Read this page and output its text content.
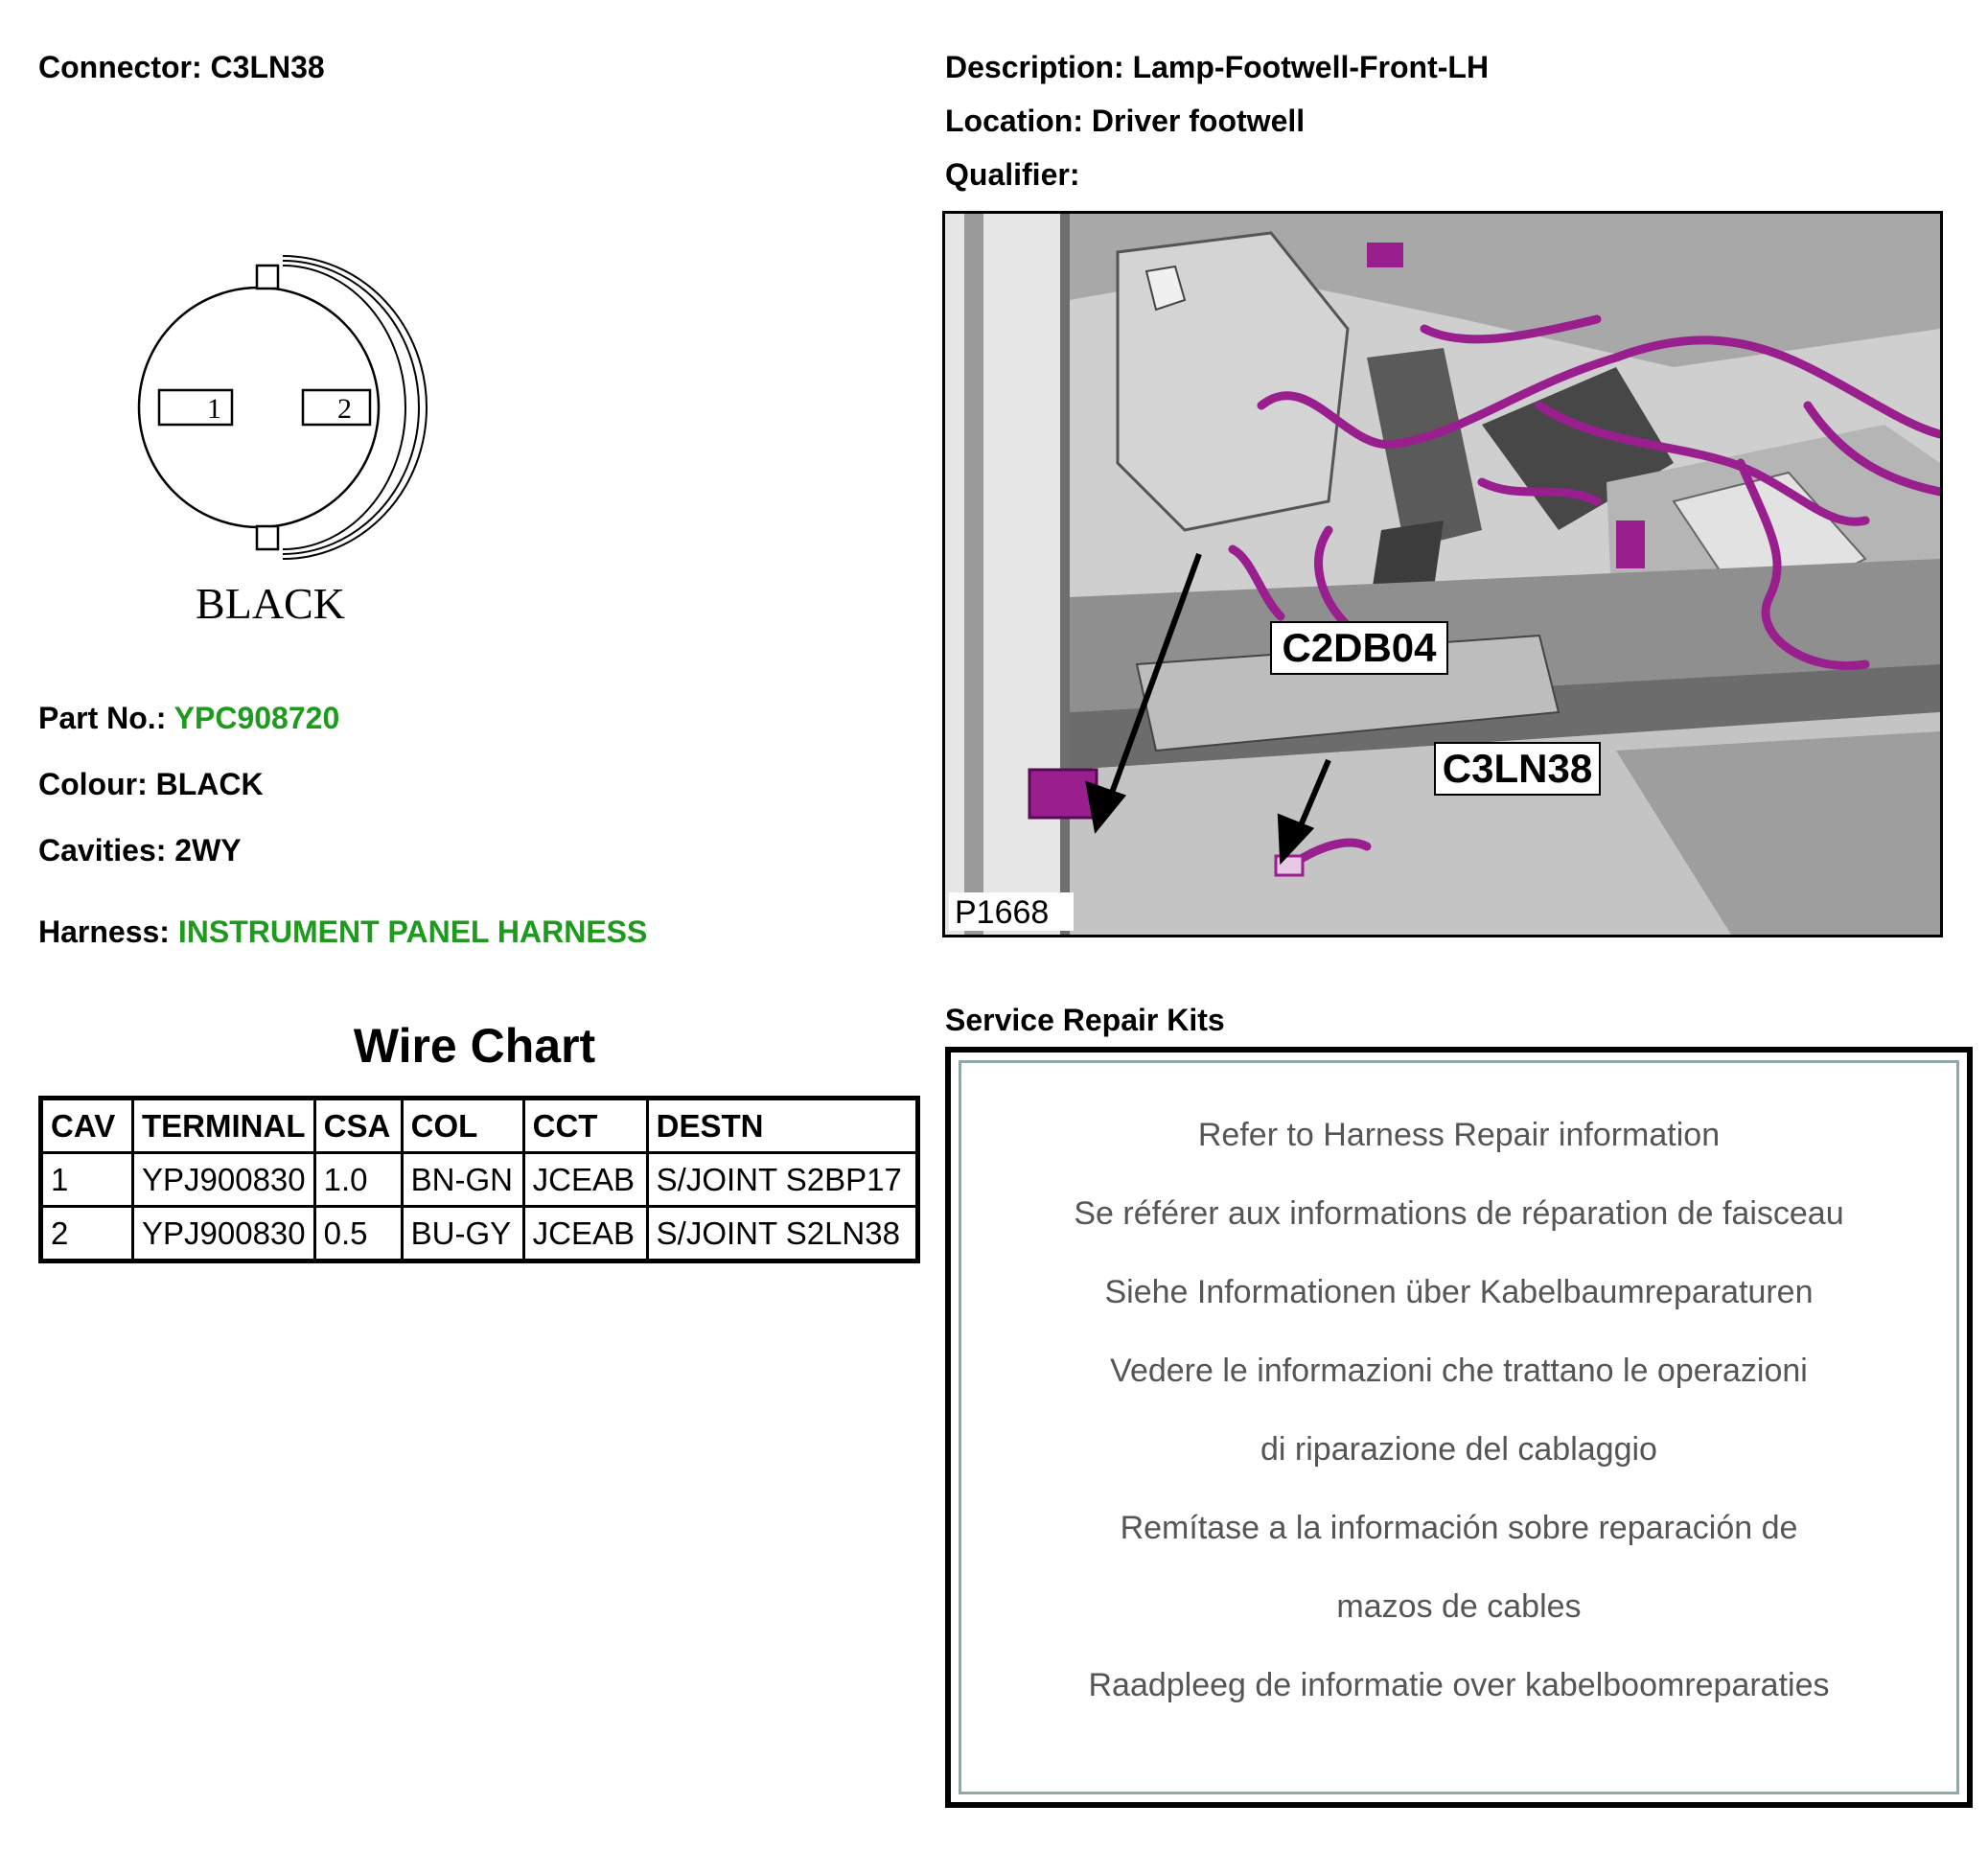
Connector: C3LN38	Description: Lamp-Footwell-Front-LH
Location: Driver footwell
Qualifier:
1	2
BLACK
Part No.: YPC908720
Colour: BLACK
Cavities: 2WY
Harness: INSTRUMENT PANEL HARNESS
C2DB04
C3LN38
P1668
Wire Chart
CAV	TERMINAL	CSA	COL	CCT	DESTN
1	YPJ900830	1.0	BN-GN	JCEAB	S/JOINT S2BP17
2	YPJ900830	0.5	BU-GY	JCEAB	S/JOINT S2LN38
Service Repair Kits
Refer to Harness Repair information
Se référer aux informations de réparation de faisceau
Siehe Informationen über Kabelbaumreparaturen
Vedere le informazioni che trattano le operazioni
di riparazione del cablaggio
Remítase a la información sobre reparación de
mazos de cables
Raadpleeg de informatie over kabelboomreparaties
